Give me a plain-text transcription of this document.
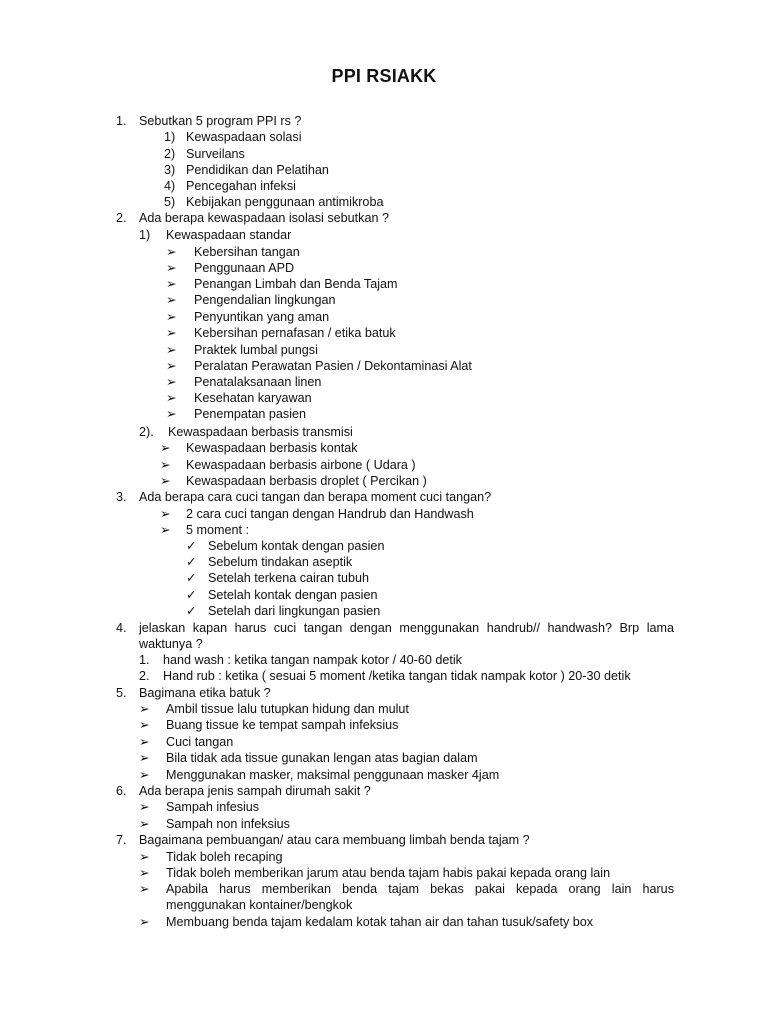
PPI RSIAKK
1. Sebutkan 5 program PPI rs ?
1) Kewaspadaan solasi
2) Surveilans
3) Pendidikan dan Pelatihan
4) Pencegahan infeksi
5) Kebijakan penggunaan antimikroba
2. Ada berapa kewaspadaan isolasi sebutkan ?
1) Kewaspadaan standar
➢ Kebersihan tangan
➢ Penggunaan APD
➢ Penangan Limbah dan Benda Tajam
➢ Pengendalian lingkungan
➢ Penyuntikan yang aman
➢ Kebersihan pernafasan / etika batuk
➢ Praktek lumbal pungsi
➢ Peralatan Perawatan Pasien / Dekontaminasi Alat
➢ Penatalaksanaan linen
➢ Kesehatan karyawan
➢ Penempatan pasien
2). Kewaspadaan berbasis transmisi
➢ Kewaspadaan berbasis kontak
➢ Kewaspadaan berbasis airbone ( Udara )
➢ Kewaspadaan berbasis droplet ( Percikan )
3. Ada berapa cara cuci tangan dan berapa moment cuci tangan?
➢ 2 cara cuci tangan dengan Handrub dan Handwash
➢ 5 moment :
✓ Sebelum kontak dengan pasien
✓ Sebelum tindakan aseptik
✓ Setelah terkena cairan tubuh
✓ Setelah kontak dengan pasien
✓ Setelah dari lingkungan pasien
4. jelaskan kapan harus cuci tangan dengan menggunakan handrub// handwash? Brp lama
waktunya ?
1. hand wash : ketika tangan nampak kotor / 40-60 detik
2. Hand rub : ketika ( sesuai 5 moment /ketika tangan tidak nampak kotor ) 20-30 detik
5. Bagimana etika batuk ?
➢ Ambil tissue lalu tutupkan hidung dan mulut
➢ Buang tissue ke tempat sampah infeksius
➢ Cuci tangan
➢ Bila tidak ada tissue gunakan lengan atas bagian dalam
➢ Menggunakan masker, maksimal penggunaan masker 4jam
6. Ada berapa jenis sampah dirumah sakit ?
➢ Sampah infesius
➢ Sampah non infeksius
7. Bagaimana pembuangan/ atau cara membuang limbah benda tajam ?
➢ Tidak boleh recaping
➢ Tidak boleh memberikan jarum atau benda tajam habis pakai kepada orang lain
➢ Apabila harus memberikan benda tajam bekas pakai kepada orang lain harus
menggunakan kontainer/bengkok
➢ Membuang benda tajam kedalam kotak tahan air dan tahan tusuk/safety box
